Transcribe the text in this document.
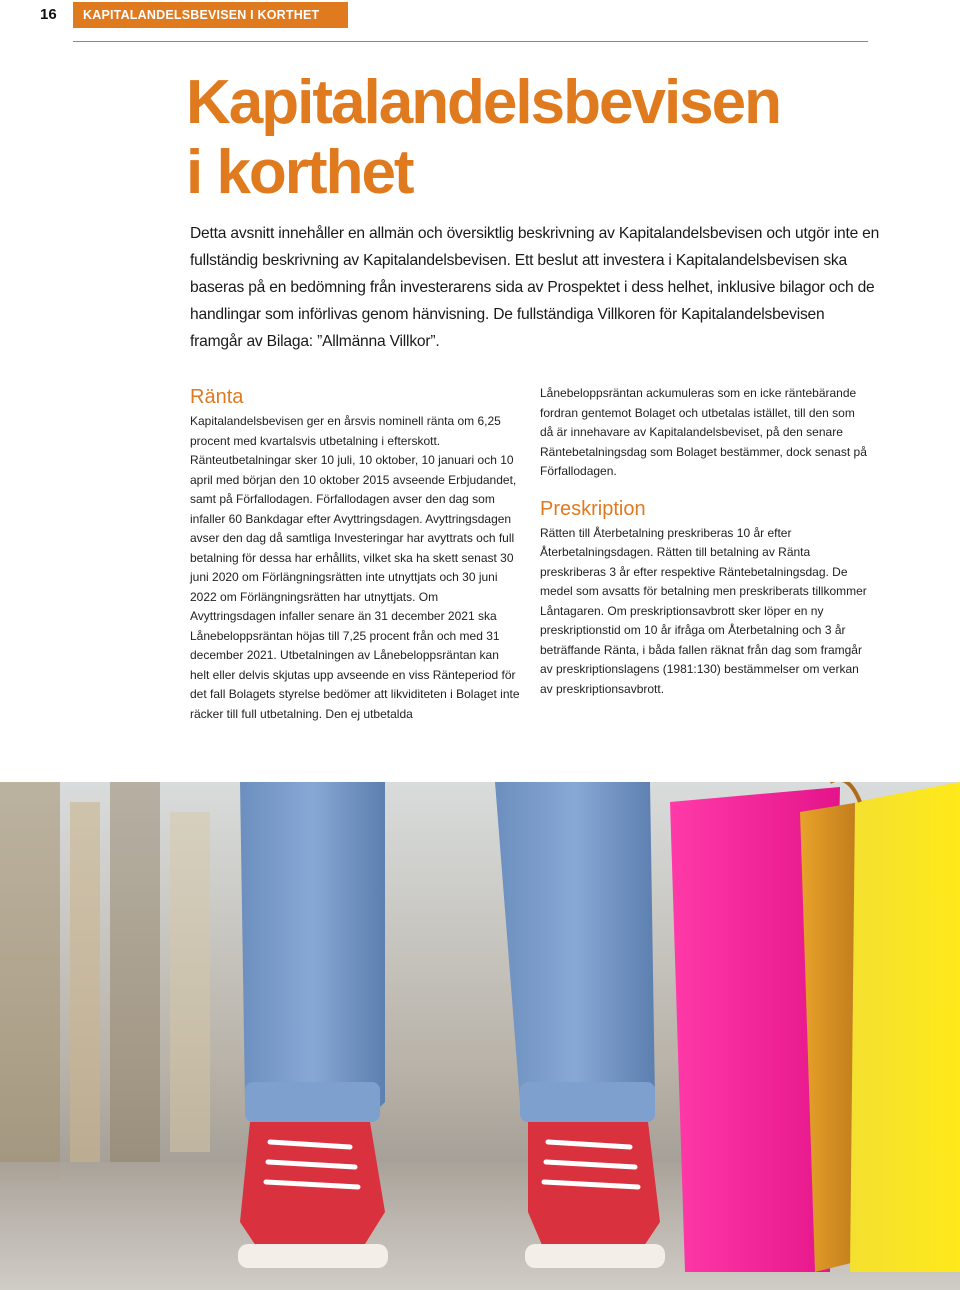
16	KAPITALANDELSBEVISEN I KORTHET
Kapitalandelsbevisen
i korthet

Detta avsnitt innehåller en allmän och översiktlig beskrivning av Kapitalandelsbevisen och utgör inte en fullständig beskrivning av Kapitalandelsbevisen. Ett beslut att investera i Kapitalandelsbevisen ska baseras på en bedömning från investerarens sida av Prospektet i dess helhet, inklusive bilagor och de handlingar som införlivas genom hänvisning. De fullständiga Villkoren för Kapitalandelsbevisen framgår av Bilaga: ”Allmänna Villkor”.

Ränta

Kapitalandelsbevisen ger en årsvis nominell ränta om 6,25 procent med kvartalsvis utbetalning i efterskott. Ränteutbetalningar sker 10 juli, 10 oktober, 10 januari och 10 april med början den 10 oktober 2015 avseende Erbjudandet, samt på Förfallodagen. Förfallodagen avser den dag som infaller 60 Bankdagar efter Avyttringsdagen. Avyttringsdagen avser den dag då samtliga Investeringar har avyttrats och full betalning för dessa har erhållits, vilket ska ha skett senast 30 juni 2020 om Förlängningsrätten inte utnyttjats och 30 juni 2022 om Förlängningsrätten har utnyttjats. Om Avyttringsdagen infaller senare än 31 december 2021 ska Lånebeloppsräntan höjas till 7,25 procent från och med 31 december 2021. Utbetalningen av Lånebeloppsräntan kan helt eller delvis skjutas upp avseende en viss Ränteperiod för det fall Bolagets styrelse bedömer att likviditeten i Bolaget inte räcker till full utbetalning. Den ej utbetalda

Lånebeloppsräntan ackumuleras som en icke räntebärande fordran gentemot Bolaget och utbetalas istället, till den som då är innehavare av Kapitalandelsbeviset, på den senare Räntebetalningsdag som Bolaget bestämmer, dock senast på Förfallodagen.

Preskription

Rätten till Återbetalning preskriberas 10 år efter Återbetalningsdagen. Rätten till betalning av Ränta preskriberas 3 år efter respektive Räntebetalningsdag. De medel som avsatts för betalning men preskriberats tillkommer Låntagaren. Om preskriptionsavbrott sker löper en ny preskriptionstid om 10 år ifråga om Återbetalning och 3 år beträffande Ränta, i båda fallen räknat från dag som framgår av preskriptionslagens (1981:130) bestämmelser om verkan av preskriptionsavbrott.
